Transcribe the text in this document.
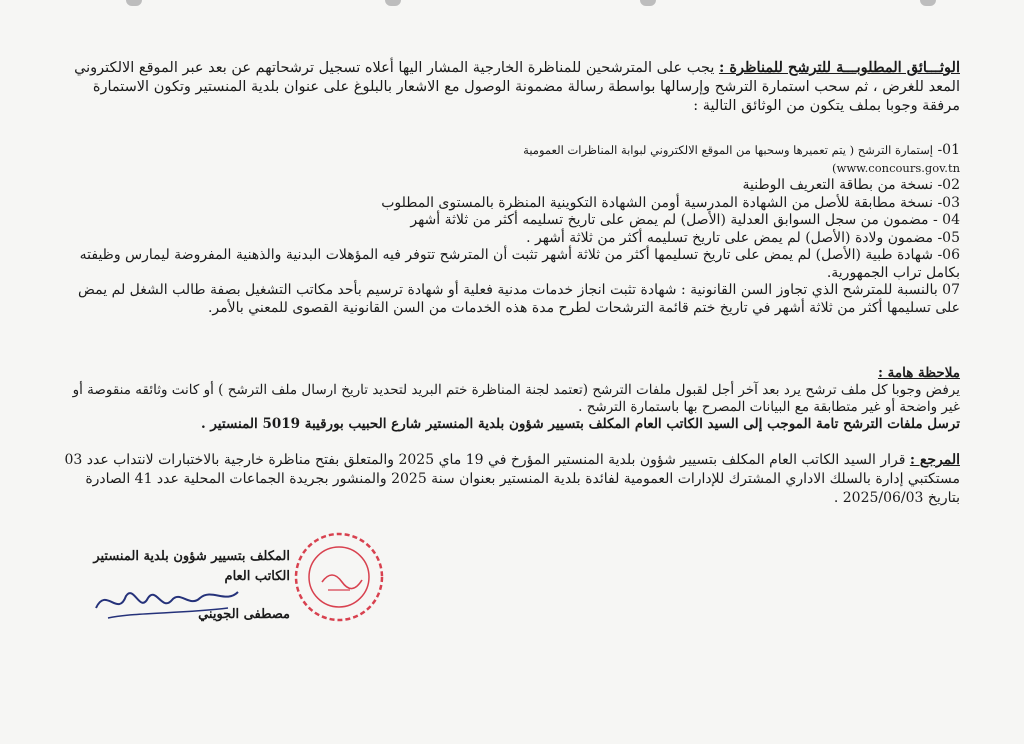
الوثـــائق المطلوبـــة للترشح للمناظرة : يجب على المترشحين للمناظرة الخارجية المشار اليها أعلاه تسجيل ترشحاتهم عن بعد عبر الموقع الالكتروني المعد للغرض ، ثم سحب استمارة الترشح وإرسالها بواسطة رسالة مضمونة الوصول مع الاشعار بالبلوغ على عنوان بلدية المنستير وتكون الاستمارة مرفقة وجوبا بملف يتكون من الوثائق التالية :
01- إستمارة الترشح ( يتم تعميرها وسحبها من الموقع الالكتروني لبوابة المناظرات العمومية
(www.concours.gov.tn
02- نسخة من بطاقة التعريف الوطنية
03- نسخة مطابقة للأصل من الشهادة المدرسية أومن الشهادة التكوينية المنظرة بالمستوى المطلوب
04 - مضمون من سجل السوابق العدلية (الأصل) لم يمض على تاريخ تسليمه أكثر من ثلاثة أشهر
05- مضمون ولادة (الأصل) لم يمض على تاريخ تسليمه أكثر من ثلاثة أشهر .
06- شهادة طبية (الأصل) لم يمض على تاريخ تسليمها أكثر من ثلاثة أشهر تثبت أن المترشح تتوفر فيه المؤهلات البدنية والذهنية المفروضة ليمارس وظيفته بكامل تراب الجمهورية.
07 بالنسبة للمترشح الذي تجاوز السن القانونية : شهادة تثبت انجاز خدمات مدنية فعلية أو شهادة ترسيم بأحد مكاتب التشغيل بصفة طالب الشغل لم يمض على تسليمها أكثر من ثلاثة أشهر في تاريخ ختم قائمة الترشحات لطرح مدة هذه الخدمات من السن القانونية القصوى للمعني بالأمر.
ملاحظة هامة :
يرفض وجوبا كل ملف ترشح يرد بعد آخر أجل لقبول ملفات الترشح (تعتمد لجنة المناظرة ختم البريد لتحديد تاريخ ارسال ملف الترشح ) أو كانت وثائقه منقوصة أو غير واضحة أو غير متطابقة مع البيانات المصرح بها باستمارة الترشح .
ترسل ملفات الترشح تامة الموجب إلى السيد الكاتب العام المكلف بتسيير شؤون بلدية المنستير شارع الحبيب بورقيبة 5019 المنستير .
المرجع : قرار السيد الكاتب العام المكلف بتسيير شؤون بلدية المنستير المؤرخ في 19 ماي 2025 والمتعلق بفتح مناظرة خارجية بالاختبارات لانتداب عدد 03 مستكتبي إدارة بالسلك الاداري المشترك للإدارات العمومية لفائدة بلدية المنستير بعنوان سنة 2025 والمنشور بجريدة الجماعات المحلية عدد 41 الصادرة بتاريخ 2025/06/03 .
المكلف بتسيير شؤون بلدية المنستير
الكاتب العام
مصطفى الجويني
